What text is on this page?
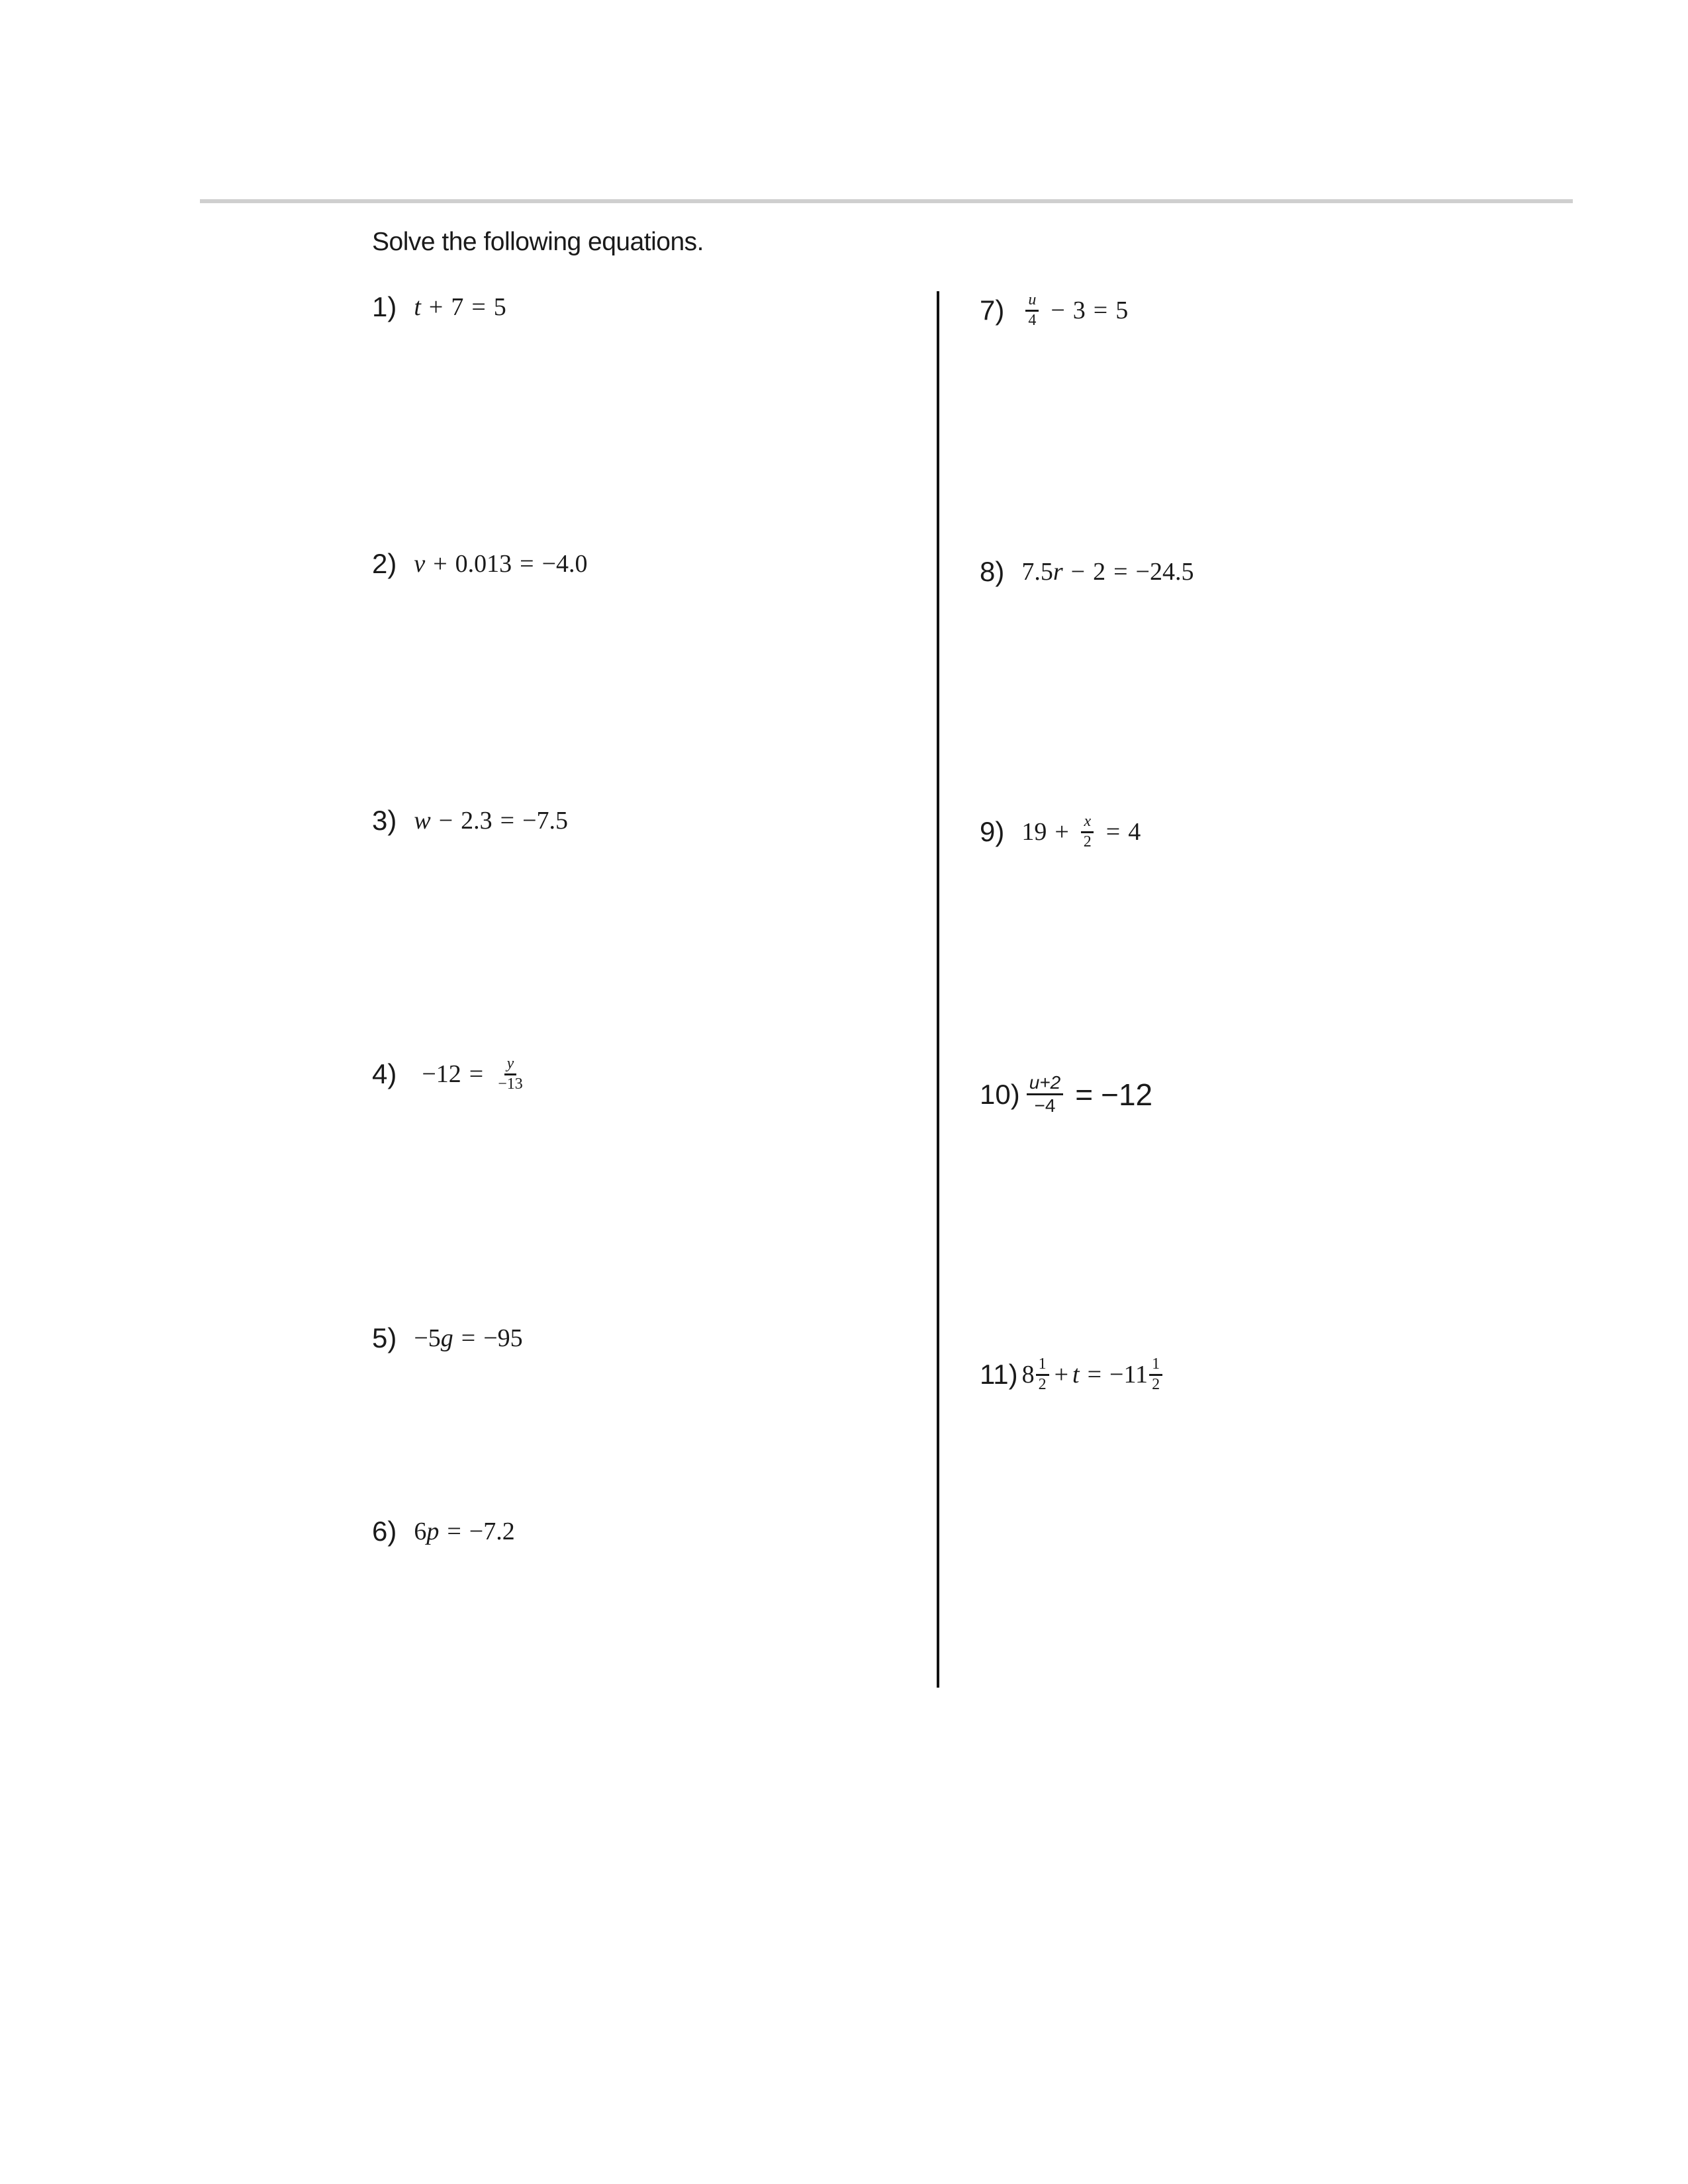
Solve the following equations.
1) t + 7 = 5
2) v + 0.013 = −4.0
3) w − 2.3 = −7.5
$4) -12 = \frac{y}{-13}$
5) −5 g = −95
6) 6 p = −7.2
$7) \frac{u}{4} - 3 = 5$
8) 7.5 r − 2 = −24.5
9) $19 + \frac{x}{2} = 4$
$10) \frac{u+2}{-4} = -12$
11) $8 \frac{1}{2} + t = -11 \frac{1}{2}$
